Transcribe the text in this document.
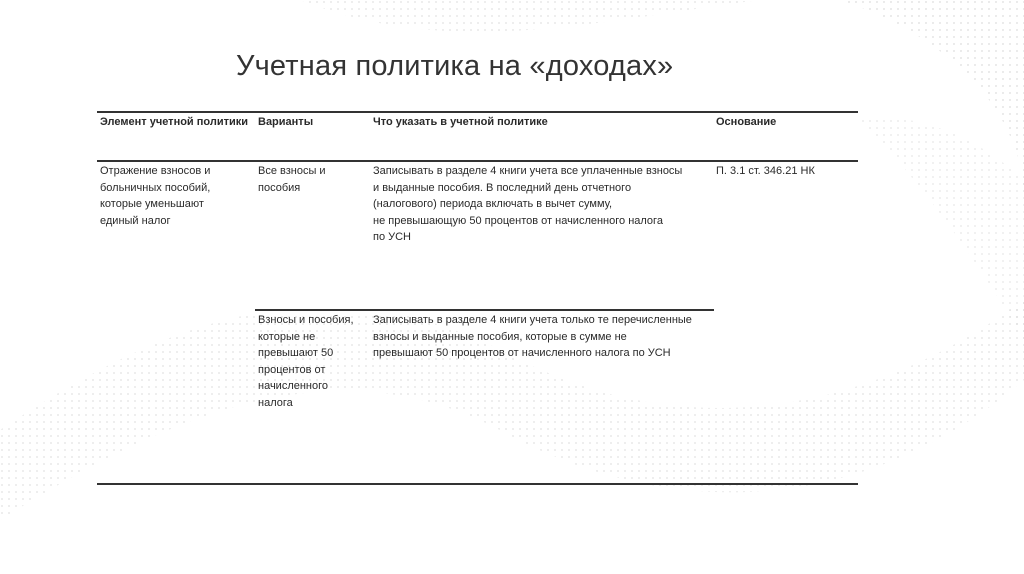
Учетная политика на «доходах»
Элемент учетной политики Варианты	Что указать в учетной политике	Основание
Отражение взносов и
больничных пособий,
которые уменьшают
единый налог
Все взносы и
пособия
Записывать в разделе 4 книги учета все уплаченные взносы
и выданные пособия. В последний день отчетного
(налогового) периода включать в вычет сумму,
не превышающую 50 процентов от начисленного налога
по УСН
П. 3.1 ст. 346.21 НК
Взносы и пособия,
которые не
превышают 50
процентов от
начисленного
налога
Записывать в разделе 4 книги учета только те перечисленные
взносы и выданные пособия, которые в сумме не
превышают 50 процентов от начисленного налога по УСН
